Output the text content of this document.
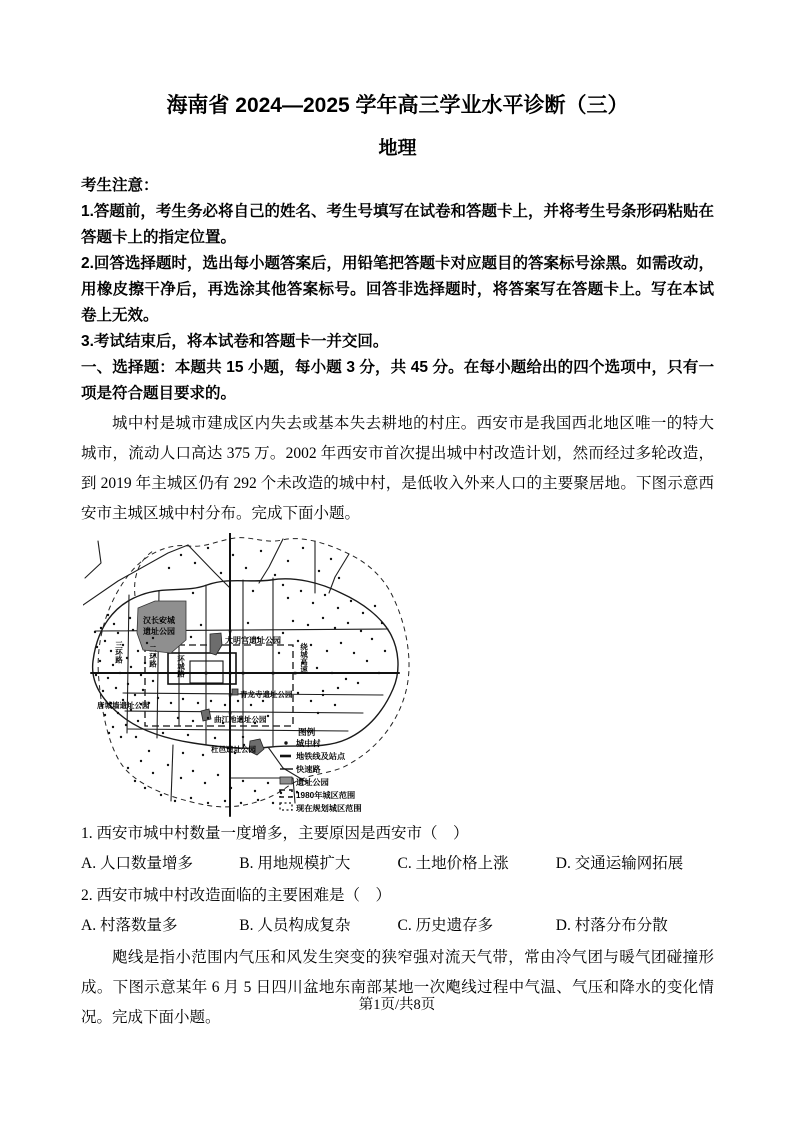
海南省 2024—2025 学年高三学业水平诊断（三）
地理

考生注意：

1.答题前，考生务必将自己的姓名、考生号填写在试卷和答题卡上，并将考生号条形码粘贴在答题卡上的指定位置。

2.回答选择题时，选出每小题答案后，用铅笔把答题卡对应题目的答案标号涂黑。如需改动，用橡皮擦干净后，再选涂其他答案标号。回答非选择题时，将答案写在答题卡上。写在本试卷上无效。

3.考试结束后，将本试卷和答题卡一并交回。

一、选择题：本题共 15 小题，每小题 3 分，共 45 分。在每小题给出的四个选项中，只有一项是符合题目要求的。

城中村是城市建成区内失去或基本失去耕地的村庄。西安市是我国西北地区唯一的特大城市，流动人口高达 375 万。2002 年西安市首次提出城中村改造计划，然而经过多轮改造，到 2019 年主城区仍有 292 个未改造的城中村，是低收入外来人口的主要聚居地。下图示意西安市主城区城中村分布。完成下面小题。

汉长安城
遗址公园
大明宫遗址公园
青龙寺遗址公园
唐城墙遗址公园
曲江池遗址公园
杜邑遗址公园
三环路	二环路	环城路	绕城高速
图例
城中村
地铁线及站点
快速路
遗址公园
1980年城区范围
现在规划城区范围

1. 西安市城中村数量一度增多，主要原因是西安市（　）

A. 人口数量增多	B. 用地规模扩大	C. 土地价格上涨	D. 交通运输网拓展

2. 西安市城中村改造面临的主要困难是（　）

A. 村落数量多	B. 人员构成复杂	C. 历史遗存多	D. 村落分布分散

飑线是指小范围内气压和风发生突变的狭窄强对流天气带，常由冷气团与暖气团碰撞形成。下图示意某年 6 月 5 日四川盆地东南部某地一次飑线过程中气温、气压和降水的变化情况。完成下面小题。

第1页/共8页
